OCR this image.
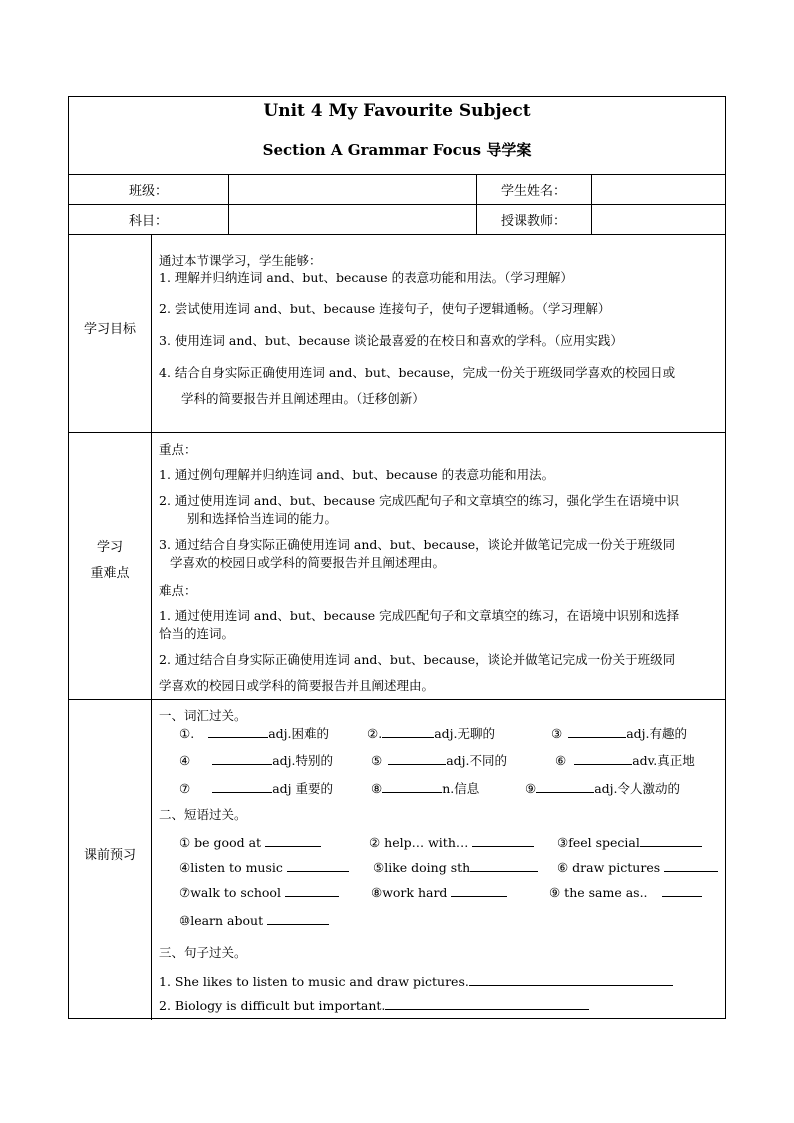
Unit 4 My Favourite Subject
Section A Grammar Focus 导学案
班级：	学生姓名：
科目：	授课教师：
学习目标
通过本节课学习，学生能够：
1. 理解并归纳连词 and、but、because 的表意功能和用法。（学习理解）
2. 尝试使用连词 and、but、because 连接句子，使句子逻辑通畅。（学习理解）
3. 使用连词 and、but、because 谈论最喜爱的在校日和喜欢的学科。（应用实践）
4. 结合自身实际正确使用连词 and、but、because，完成一份关于班级同学喜欢的校园日或
学科的简要报告并且阐述理由。（迁移创新）
学习
重难点
重点：
1. 通过例句理解并归纳连词 and、but、because 的表意功能和用法。
2. 通过使用连词 and、but、because 完成匹配句子和文章填空的练习，强化学生在语境中识
别和选择恰当连词的能力。
3. 通过结合自身实际正确使用连词 and、but、because，谈论并做笔记完成一份关于班级同
学喜欢的校园日或学科的简要报告并且阐述理由。
难点：
1. 通过使用连词 and、but、because 完成匹配句子和文章填空的练习，在语境中识别和选择
恰当的连词。
2. 通过结合自身实际正确使用连词 and、but、because，谈论并做笔记完成一份关于班级同
学喜欢的校园日或学科的简要报告并且阐述理由。
课前预习
一、词汇过关。
①.	adj.困难的	②.	adj.无聊的	③	adj.有趣的
④	adj.特别的	⑤	adj.不同的	⑥	adv.真正地
⑦	adj 重要的	⑧	n.信息	⑨	adj.令人激动的
二、短语过关。
① be good at	② help… with…	③feel special
④listen to music	⑤like doing sth	⑥ draw pictures
⑦walk to school	⑧work hard	⑨ the same as..
⑩learn about
三、句子过关。
1. She likes to listen to music and draw pictures.
2. Biology is difficult but important.
